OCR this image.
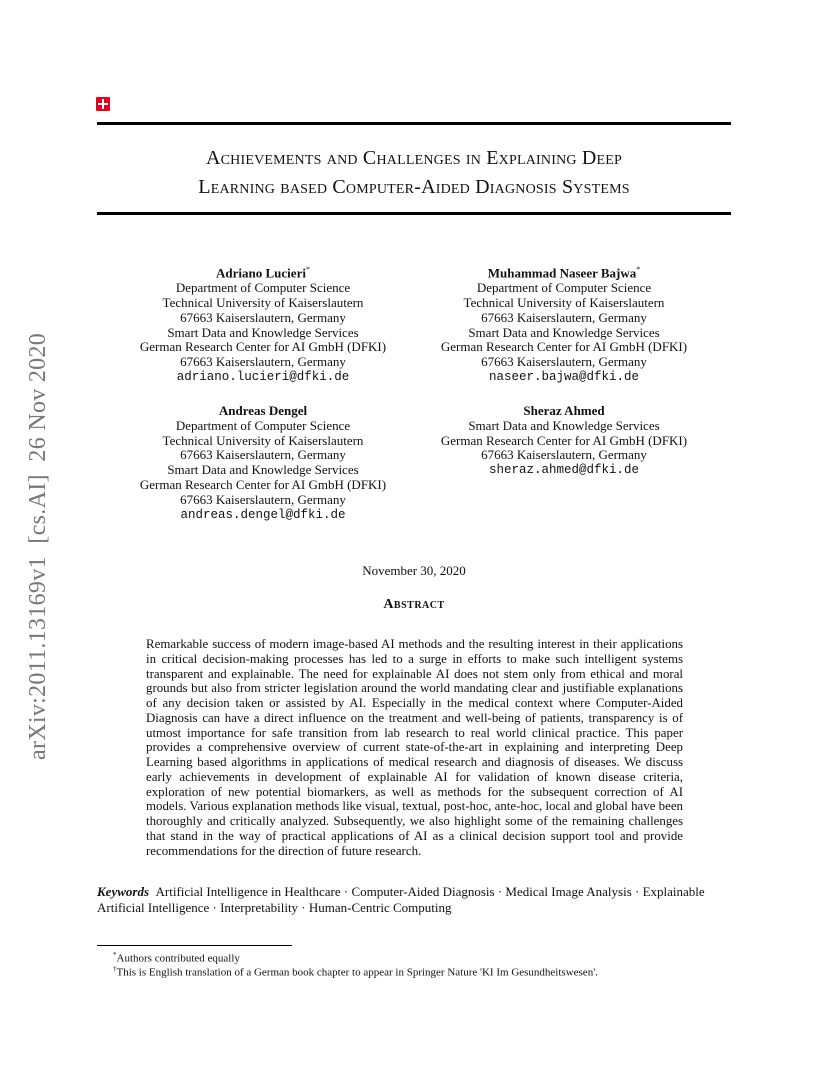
arXiv:2011.13169v1  [cs.AI]  26 Nov 2020
Achievements and Challenges in Explaining Deep
Learning based Computer-Aided Diagnosis Systems
Adriano Lucieri*
Department of Computer Science
Technical University of Kaiserslautern
67663 Kaiserslautern, Germany
Smart Data and Knowledge Services
German Research Center for AI GmbH (DFKI)
67663 Kaiserslautern, Germany
adriano.lucieri@dfki.de
Muhammad Naseer Bajwa*
Department of Computer Science
Technical University of Kaiserslautern
67663 Kaiserslautern, Germany
Smart Data and Knowledge Services
German Research Center for AI GmbH (DFKI)
67663 Kaiserslautern, Germany
naseer.bajwa@dfki.de
Andreas Dengel
Department of Computer Science
Technical University of Kaiserslautern
67663 Kaiserslautern, Germany
Smart Data and Knowledge Services
German Research Center for AI GmbH (DFKI)
67663 Kaiserslautern, Germany
andreas.dengel@dfki.de
Sheraz Ahmed
Smart Data and Knowledge Services
German Research Center for AI GmbH (DFKI)
67663 Kaiserslautern, Germany
sheraz.ahmed@dfki.de
November 30, 2020
Abstract

Remarkable success of modern image-based AI methods and the resulting interest in their applications in critical decision-making processes has led to a surge in efforts to make such intelligent systems transparent and explainable. The need for explainable AI does not stem only from ethical and moral grounds but also from stricter legislation around the world mandating clear and justifiable explanations of any decision taken or assisted by AI. Especially in the medical context where Computer-Aided Diagnosis can have a direct influence on the treatment and well-being of patients, transparency is of utmost importance for safe transition from lab research to real world clinical practice. This paper provides a comprehensive overview of current state-of-the-art in explaining and interpreting Deep Learning based algorithms in applications of medical research and diagnosis of diseases. We discuss early achievements in development of explainable AI for validation of known disease criteria, exploration of new potential biomarkers, as well as methods for the subsequent correction of AI models. Various explanation methods like visual, textual, post-hoc, ante-hoc, local and global have been thoroughly and critically analyzed. Subsequently, we also highlight some of the remaining challenges that stand in the way of practical applications of AI as a clinical decision support tool and provide recommendations for the direction of future research.

Keywords Artificial Intelligence in Healthcare · Computer-Aided Diagnosis · Medical Image Analysis · Explainable Artificial Intelligence · Interpretability · Human-Centric Computing

*Authors contributed equally
†This is English translation of a German book chapter to appear in Springer Nature 'KI Im Gesundheitswesen'.
